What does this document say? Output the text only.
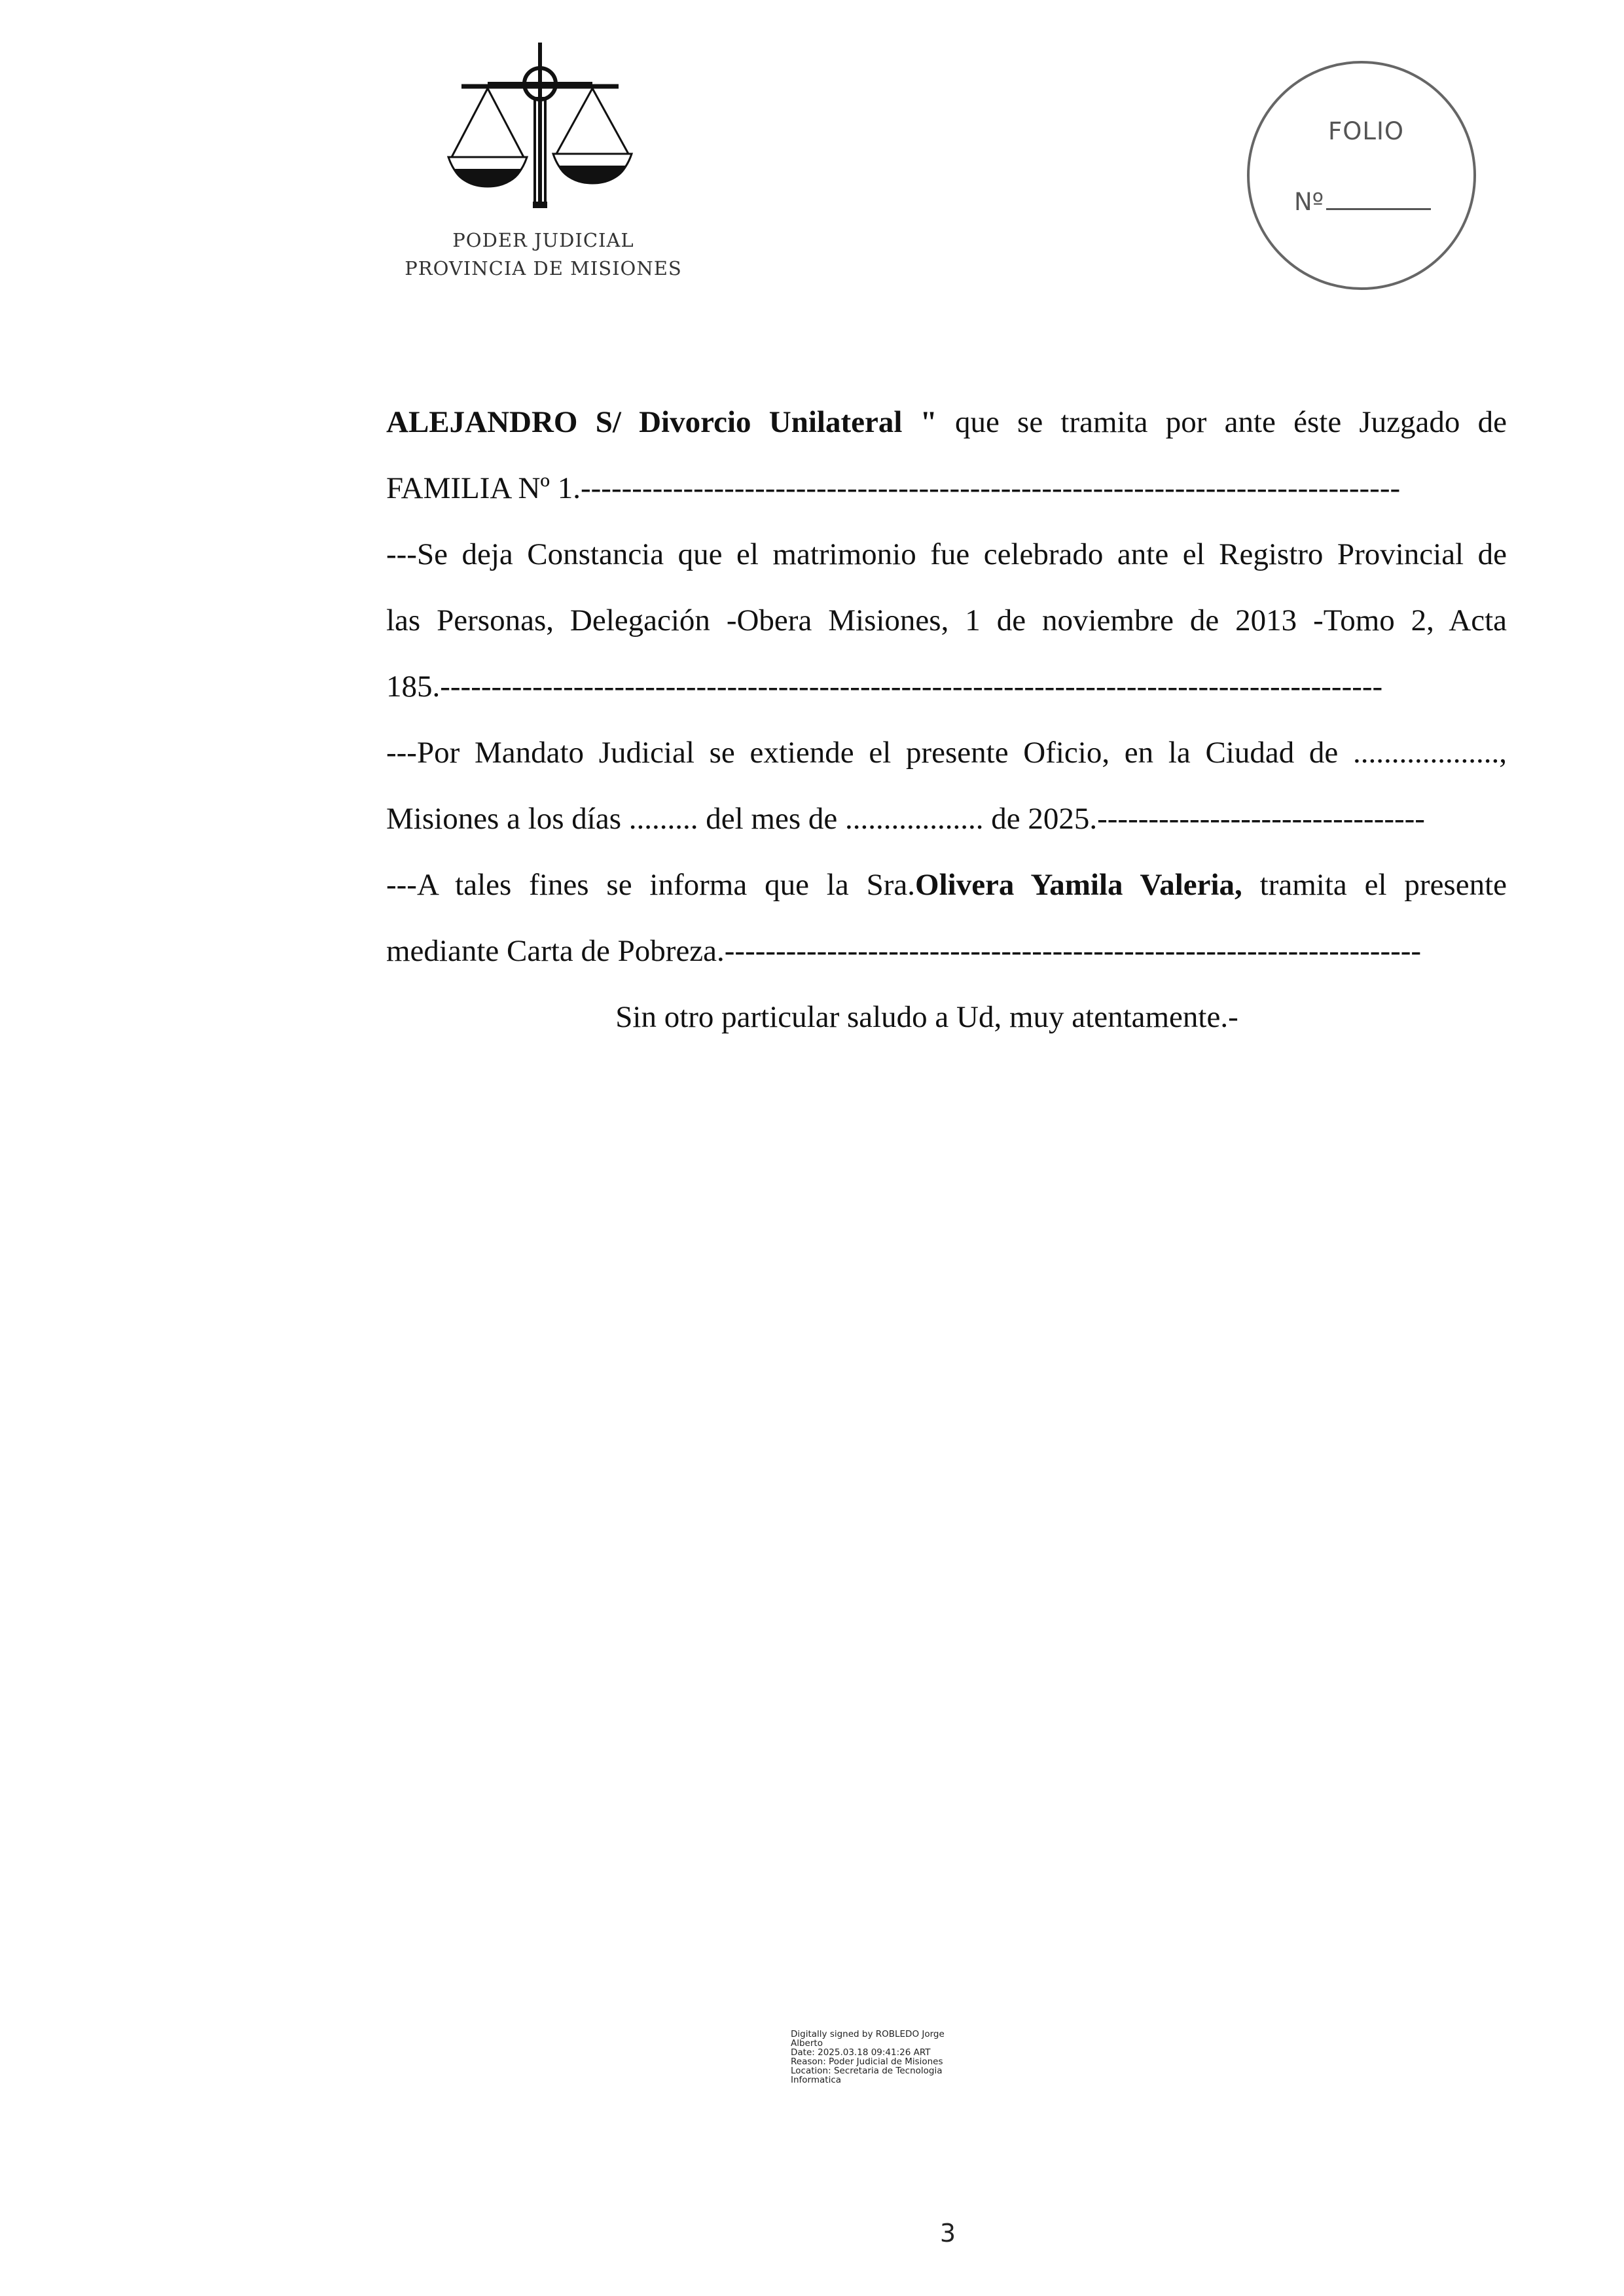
PODER JUDICIAL
PROVINCIA DE MISIONES
FOLIO
Nº
ALEJANDRO S/ Divorcio Unilateral " que se tramita por ante éste Juzgado de
FAMILIA Nº 1.--------------------------------------------------------------------------------
---Se deja Constancia que el matrimonio fue celebrado ante el Registro Provincial de
las Personas, Delegación -Obera Misiones, 1 de noviembre de 2013 -Tomo 2, Acta
185.--------------------------------------------------------------------------------------------
---Por Mandato Judicial se extiende el presente Oficio, en la Ciudad de ...................,
Misiones a los días ......... del mes de .................. de 2025.--------------------------------
---A tales fines se informa que la Sra.Olivera Yamila Valeria, tramita el presente
mediante Carta de Pobreza.--------------------------------------------------------------------
Sin otro particular saludo a Ud, muy atentamente.-
Digitally signed by ROBLEDO Jorge
Alberto
Date: 2025.03.18 09:41:26 ART
Reason: Poder Judicial de Misiones
Location: Secretaria de Tecnologia
Informatica
3
